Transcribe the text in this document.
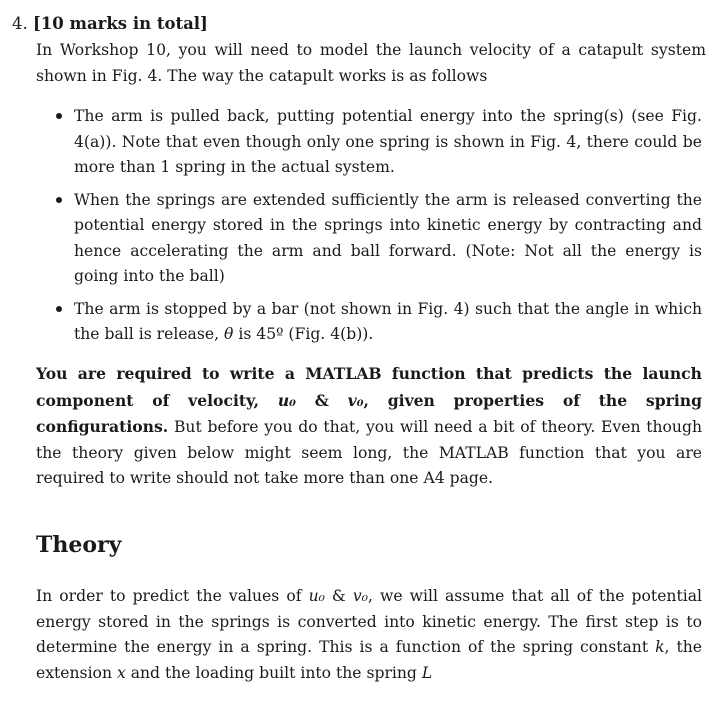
4. [10 marks in total]
In Workshop 10, you will need to model the launch velocity of a catapult system shown in Fig. 4. The way the catapult works is as follows
The arm is pulled back, putting potential energy into the spring(s) (see Fig. 4(a)). Note that even though only one spring is shown in Fig. 4, there could be more than 1 spring in the actual system.
When the springs are extended sufficiently the arm is released converting the potential energy stored in the springs into kinetic energy by contracting and hence accelerating the arm and ball forward. (Note: Not all the energy is going into the ball)
The arm is stopped by a bar (not shown in Fig. 4) such that the angle in which the ball is release, θ is 45º (Fig. 4(b)).
You are required to write a MATLAB function that predicts the launch component of velocity, u₀ & v₀, given properties of the spring configurations. But before you do that, you will need a bit of theory. Even though the theory given below might seem long, the MATLAB function that you are required to write should not take more than one A4 page.
Theory
In order to predict the values of u₀ & v₀, we will assume that all of the potential energy stored in the springs is converted into kinetic energy. The first step is to determine the energy in a spring. This is a function of the spring constant k, the extension x and the loading built into the spring L
